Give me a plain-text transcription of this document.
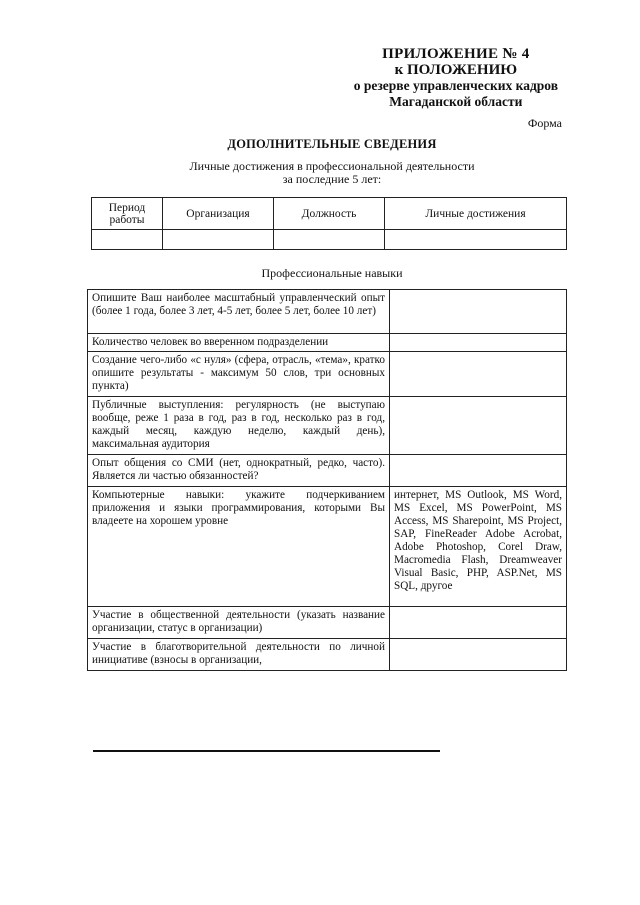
ПРИЛОЖЕНИЕ № 4
к ПОЛОЖЕНИЮ
о резерве управленческих кадров
Магаданской области
Форма
ДОПОЛНИТЕЛЬНЫЕ СВЕДЕНИЯ
Личные достижения в профессиональной деятельности
за последние 5 лет:
Период работы	Организация	Должность	Личные достижения

Профессиональные навыки
Опишите Ваш наиболее масштабный управленческий опыт (более 1 года, более 3 лет, 4-5 лет, более 5 лет, более 10 лет)	
Количество человек во вверенном подразделении	
Создание чего-либо «с нуля» (сфера, отрасль, «тема», кратко опишите результаты - максимум 50 слов, три основных пункта)	
Публичные выступления: регулярность (не выступаю вообще, реже 1 раза в год, раз в год, несколько раз в год, каждый месяц, каждую неделю, каждый день), максимальная аудитория	
Опыт общения со СМИ (нет, однократный, редко, часто). Является ли частью обязанностей?	
Компьютерные навыки: укажите подчеркиванием приложения и языки программирования, которыми Вы владеете на хорошем уровне	интернет, MS Outlook, MS Word, MS Excel, MS PowerPoint, MS Access, MS Sharepoint, MS Project, SAP, FineReader Adobe Acrobat, Adobe Photoshop, Corel Draw, Macromedia Flash, Dreamweaver Visual Basic, PHP, ASP.Net, MS SQL, другое
Участие в общественной деятельности (указать название организации, статус в организации)	
Участие в благотворительной деятельности по личной инициативе (взносы в организации,	
